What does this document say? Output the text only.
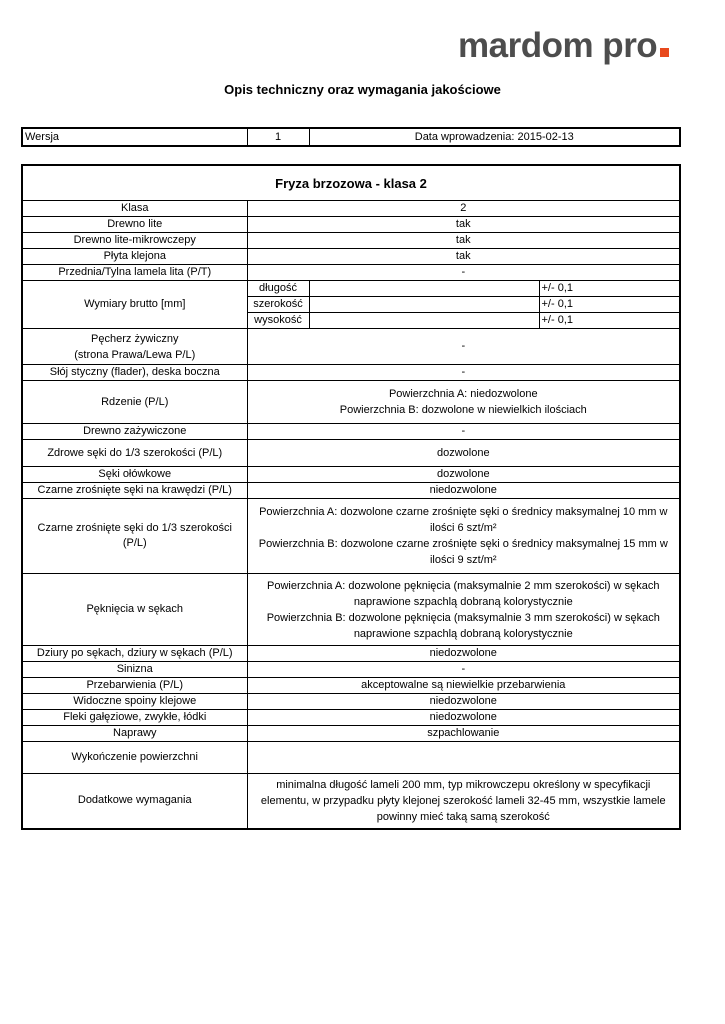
mardom pro
Opis techniczny oraz wymagania jakościowe
Wersja	1	Data wprowadzenia: 2015-02-13
Fryza brzozowa - klasa 2			
Klasa	2		
Drewno lite	tak		
Drewno lite-mikrowczepy	tak		
Płyta klejona	tak		
Przednia/Tylna lamela lita (P/T)	-		
Wymiary brutto [mm]	długość		+/- 0,1
	szerokość		+/- 0,1
	wysokość		+/- 0,1

Pęcherz żywiczny
(strona Prawa/Lewa P/L)	-		
Słój styczny (flader), deska boczna	-		
Rdzenie (P/L)	Powierzchnia A: niedozwolone
Powierzchnia B: dozwolone w niewielkich ilościach		

Drewno zażywiczone	-		
Zdrowe sęki do 1/3 szerokości (P/L)	dozwolone		
Sęki ołówkowe	dozwolone		
Czarne zrośnięte sęki na krawędzi (P/L)	niedozwolone		
Czarne zrośnięte sęki do 1/3 szerokości (P/L)	Powierzchnia A: dozwolone czarne zrośnięte sęki o średnicy maksymalnej 10 mm w
ilości 6 szt/m²
Powierzchnia B: dozwolone czarne zrośnięte sęki o średnicy maksymalnej 15 mm w
ilości 9 szt/m²		

Pęknięcia w sękach	Powierzchnia A: dozwolone pęknięcia (maksymalnie 2 mm szerokości) w sękach
naprawione szpachlą dobraną kolorystycznie
Powierzchnia B: dozwolone pęknięcia (maksymalnie 3 mm szerokości) w sękach
naprawione szpachlą dobraną kolorystycznie		

Dziury po sękach, dziury w sękach (P/L)	niedozwolone		
Sinizna	-		
Przebarwienia (P/L)	akceptowalne są niewielkie przebarwienia		
Widoczne spoiny klejowe	niedozwolone		
Fleki gałęziowe, zwykłe, łódki	niedozwolone		
Naprawy	szpachlowanie		
Wykończenie powierzchni			
Dodatkowe wymagania	minimalna długość lameli 200 mm, typ mikrowczepu określony w specyfikacji
elementu, w przypadku płyty klejonej szerokość lameli 32-45 mm, wszystkie lamele
powinny mieć taką samą szerokość		
